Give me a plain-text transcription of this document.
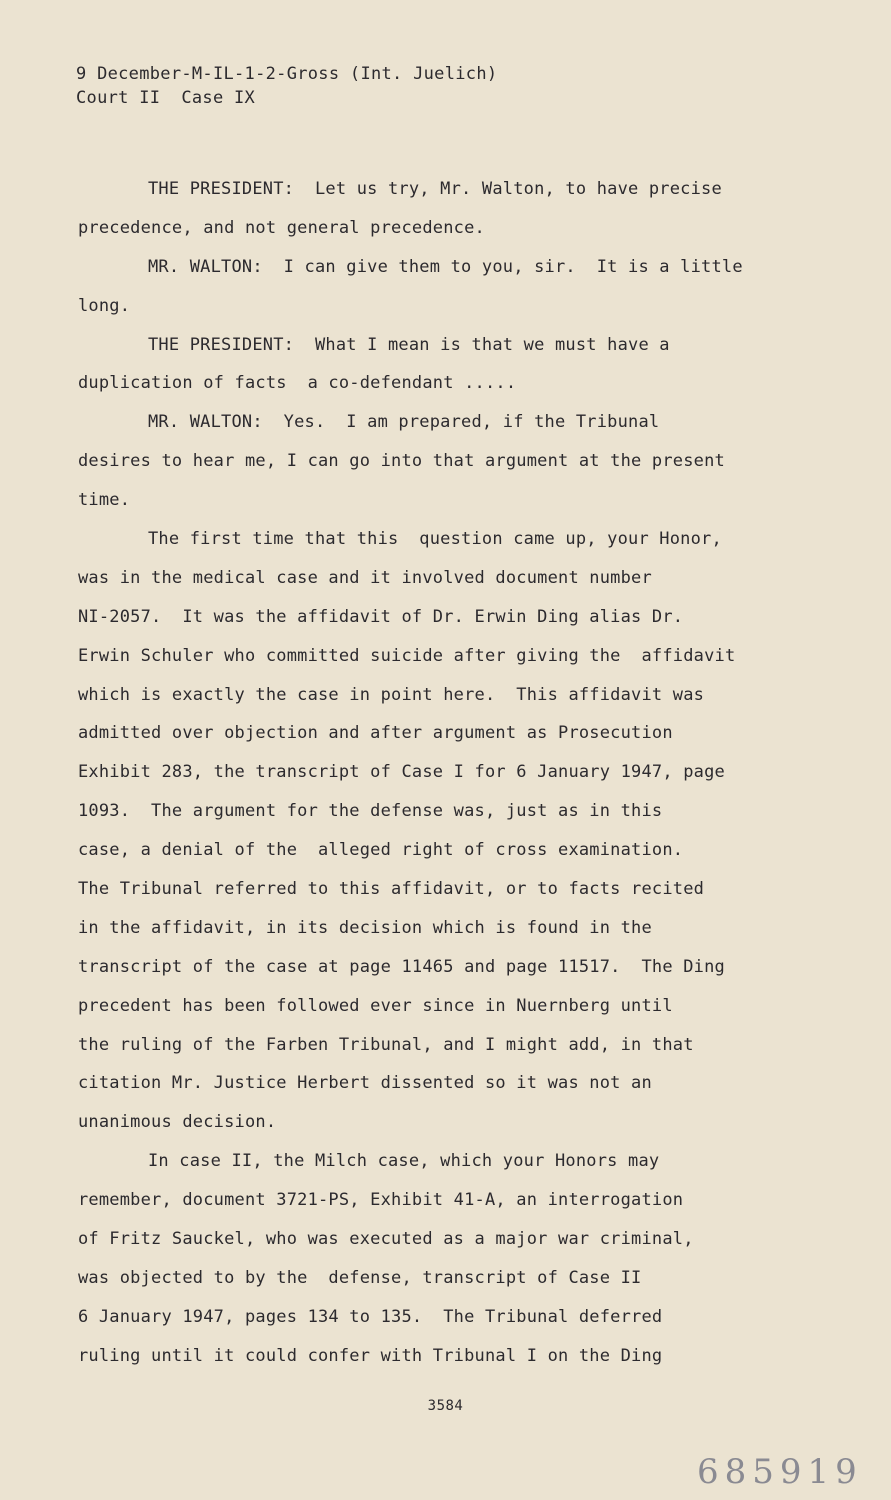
9 December-M-IL-1-2-Gross (Int. Juelich)
Court II  Case IX
THE PRESIDENT:  Let us try, Mr. Walton, to have precise
precedence, and not general precedence.
MR. WALTON:  I can give them to you, sir.  It is a little
long.
THE PRESIDENT:  What I mean is that we must have a
duplication of facts  a co-defendant .....
MR. WALTON:  Yes.  I am prepared, if the Tribunal
desires to hear me, I can go into that argument at the present
time.
The first time that this  question came up, your Honor,
was in the medical case and it involved document number
NI-2057.  It was the affidavit of Dr. Erwin Ding alias Dr.
Erwin Schuler who committed suicide after giving the  affidavit
which is exactly the case in point here.  This affidavit was
admitted over objection and after argument as Prosecution
Exhibit 283, the transcript of Case I for 6 January 1947, page
1093.  The argument for the defense was, just as in this
case, a denial of the  alleged right of cross examination.
The Tribunal referred to this affidavit, or to facts recited
in the affidavit, in its decision which is found in the
transcript of the case at page 11465 and page 11517.  The Ding
precedent has been followed ever since in Nuernberg until
the ruling of the Farben Tribunal, and I might add, in that
citation Mr. Justice Herbert dissented so it was not an
unanimous decision.
In case II, the Milch case, which your Honors may
remember, document 3721-PS, Exhibit 41-A, an interrogation
of Fritz Sauckel, who was executed as a major war criminal,
was objected to by the  defense, transcript of Case II
6 January 1947, pages 134 to 135.  The Tribunal deferred
ruling until it could confer with Tribunal I on the Ding
3584
685919
